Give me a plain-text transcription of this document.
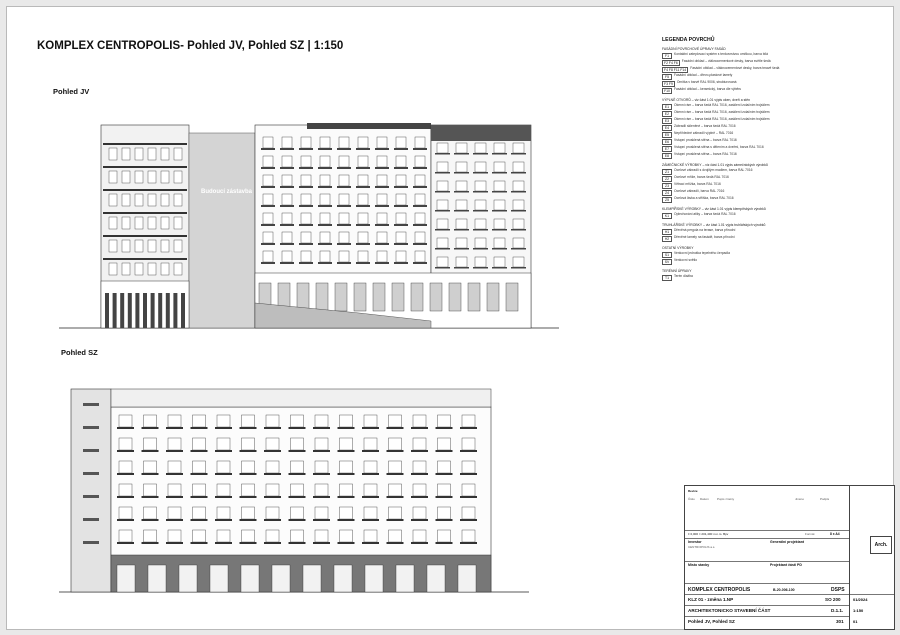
KOMPLEX CENTROPOLIS- Pohled JV, Pohled SZ | 1:150
Pohled JV
Pohled SZ
Budoucí zástavba
LEGENDA POVRCHŮ
FASÁDNÍ POVRCHOVÉ ÚPRAVY FASÁD
F1	Kontaktní zateplovací systém s tenkovrstvou omítkou, barva bílá
F2 F4 F6	Fasádní obklad – vláknocementové desky, barva světle šedá
F4 F8 F11 F14	Fasádní obklad – vláknocementové desky, barva tmavě šedá
F5	Fasádní obklad – dřevo-plastové lamely
F3 F9	Omítka v barvě RAL 9006, strukturovaná
F10	Fasádní obklad – keramický, barva dle výběru
VÝPLNĚ OTVORŮ – viz část 1.01 výpis oken, dveří a stěn
E1	Okenní rám – barva šedá RAL 7016, zasklení izolačním trojsklem
E2	Okenní rám – barva šedá RAL 7016, zasklení izolačním trojsklem
E3	Okenní rám – barva šedá RAL 7016, zasklení izolačním trojsklem
E4	Zábradlí skleněné – barva šedá RAL 7016
E5	Nepříhledné zábradlí výplně – RAL 7016
E6	Vstupní prosklená stěna – barva RAL 7016
E7	Vstupní prosklená stěna s dělením a dveřmi, barva RAL 7016
E8	Vstupní prosklená stěna – barva RAL 7016
ZÁMEČNICKÉ VÝROBKY – viz část 1.01 výpis zámečnických výrobků
Z1	Ocelové zábradlí s dvojitým madlem, barva RAL 7016
Z2	Ocelové mříže, barva šedá RAL 7016
Z3	Větrací mřížka, barva RAL 7016
Z4	Ocelové zábradlí, barva RAL 7016
Z5	Ocelová lávka a stříška, barva RAL 7016
KLEMPÍŘSKÉ VÝROBKY – viz část 1.01 výpis klempířských výrobků
K1	Oplechování atiky – barva šedá RAL 7016
TRUHLÁŘSKÉ VÝROBKY – viz část 1.01 výpis truhlářských výrobků
H1	Dřevěná pergola na terase, barva přírodní
H2	Dřevěné lamely na fasádě, barva přírodní
OSTATNÍ VÝROBKY
S1	Venkovní jednotka tepelného čerpadla
SV	Venkovní světlo
TERÉNNÍ ÚPRAVY
T1	Terén dlažba
Revize
Číslo Datum	Popis změny	Jméno	Podpis
± 0,000 = 201,400 m.n.m. Bpv	Formát	8 x A4
Investor
CENTROPOLIS a.s.
Generální projektant
Místo stavby	Projektant části PD
KOMPLEX CENTROPOLIS	B-20-006-100	DSPS
KLZ 01 - změna 1.NP	SO 200
ARCHITEKTONICKO STAVEBNÍ ČÁST	D.1.1.
Pohled JV, Pohled SZ	301
Arch.
01/2024
1:150
01
